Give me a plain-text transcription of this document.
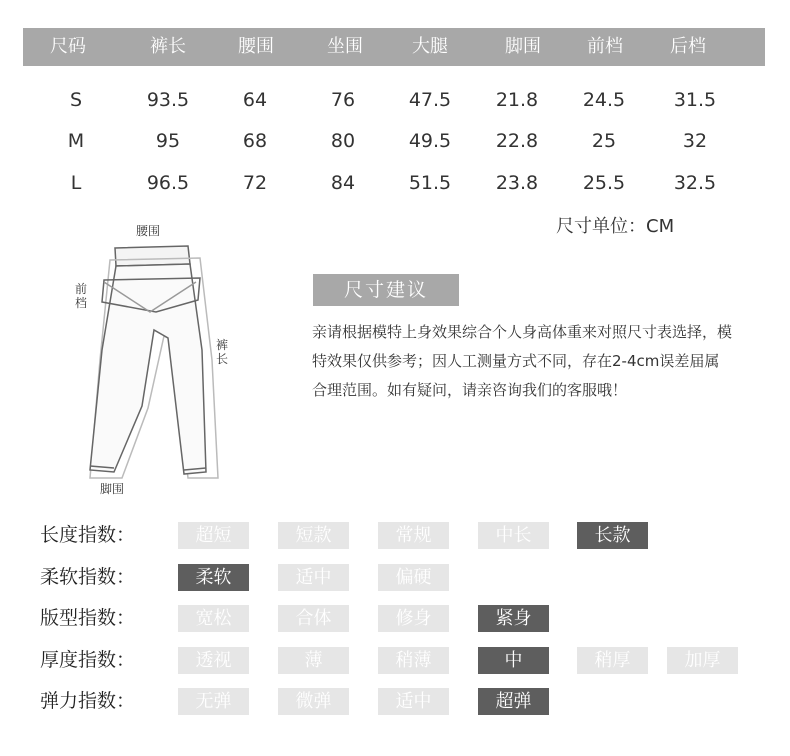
尺码	裤长	腰围	坐围	大腿	脚围	前档	后档
S	93.5	64	76	47.5	21.8	24.5	31.5
M	95	68	80	49.5	22.8	25	32
L	96.5	72	84	51.5	23.8	25.5	32.5
尺寸单位：CM
腰围
前
档
裤
长
脚围
尺寸建议
亲请根据模特上身效果综合个人身高体重来对照尺寸表选择，模特效果仅供参考；因人工测量方式不同，存在2-4cm误差届属合理范围。如有疑问，请亲咨询我们的客服哦！
长度指数：	超短	短款	常规	中长	长款
柔软指数：	柔软	适中	偏硬
版型指数：	宽松	合体	修身	紧身
厚度指数：	透视	薄	稍薄	中	稍厚	加厚
弹力指数：	无弹	微弹	适中	超弹
